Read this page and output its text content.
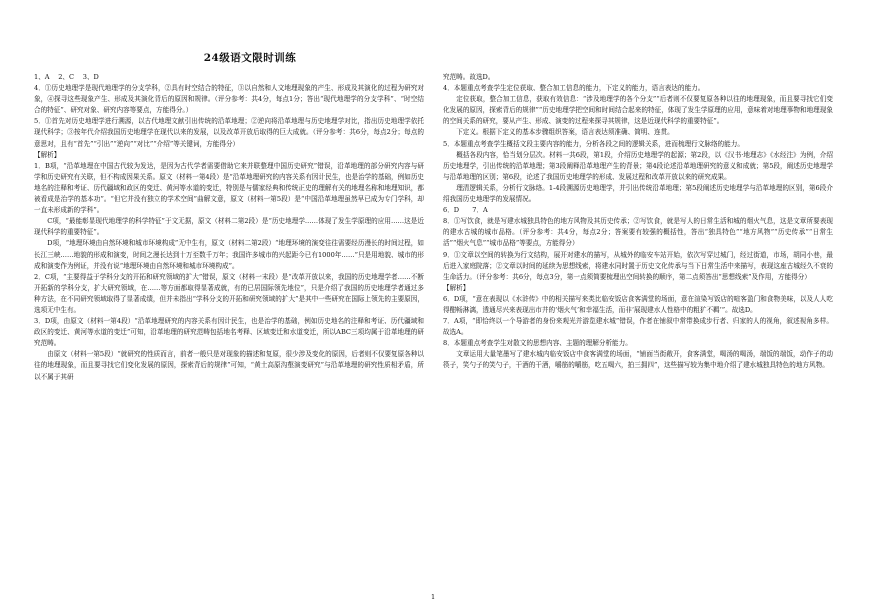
24级语文限时训练

1、A　 2、C　 3、D

4．①历史地理学是现代地理学的分支学科，②具有时空结合的特征，③以自然和人文地理现象的产生、形成及其演化的过程为研究对象，④探寻这些现象产生、形成及其演化背后的原因和规律。（评分参考：共4分，每点1分；答出“现代地理学的分支学科”、“时空结合的特征”、研究对象、研究内容等要点，方能得分。）

5．①首先对历史地理学进行溯源，以古代地理文献引出传统的沿革地理；②逆向将沿革地理与历史地理学对比，指出历史地理学依托现代科学；③按年代介绍我国历史地理学在现代以来的发展，以及改革开放后取得的巨大成就。（评分参考：共6分，每点2分；每点的意思对，且有“首先”“引出”“逆向”“对比”“介绍”等关键词，方能得分）

【解析】

1．B项，“沿革地理在中国古代较为发达，是因为古代学者需要借助它来并联整理中国历史研究”错误，沿革地理的部分研究内容与研学和历史研究有关联，但不构成因果关系。原文（材料一第4段）是“沿革地理研究的内容关系有因计民生，也是治学的基础，例如历史地名的注释和考证、历代疆域和政区的变迁、黄河等水道的变迁，特别是与儒家经典和传统正史的理解有关的地理名称和地理知识，都被看成是治学的基本功”。“但它并没有独立的学术空间”曲解文意，原文（材料一第5段）是“中国沿革地理虽然早已成为专门学科，却一直未形成新的学科”。

C项，“最能彰显现代地理学的科学特征”于文无据，原文（材料二第2段）是“历史地理学……体现了发生学原理的应用……这是近现代科学的重要特征”。

D项，“地理环境由自然环境和城市环境构成”无中生有，原文（材料二第2段）“地理环境的演变往往需要经历漫长的时间过程，如长江三峡……地貌的形成和演变，时间之漫长达到十万至数千万年；我国许多城市的兴起距今已有1000年……”只是用地貌、城市的形成和演变作为例证，并没有说“地理环境由自然环境和城市环境构成”。

2．C项，“主要得益于学科分支的开拓和研究领域的扩大”错误，原文（材料一末段）是“改革开放以来，我国的历史地理学者……不断开拓新的学科分支，扩大研究领域，在……等方面都取得显著成就，有的已居国际领先地位”，只是介绍了我国的历史地理学者通过多种方法，在不同研究领域取得了显著成绩，但并未指出“学科分支的开拓和研究领域的扩大”是其中一些研究在国际上领先的主要原因，选项无中生有。

3．D项，由原文（材料一第4段）“沿革地理研究的内容关系有因计民生，也是治学的基础，例如历史地名的注释和考证、历代疆域和政区的变迁、黄河等水道的变迁”可知，沿革地理的研究范畴包括地名考释、区域变迁和水道变迁，所以ABC三项均属于沿革地理的研究范畴。

由原文（材料一第5段）“就研究的性质而言，前者一般只是对现象的描述和复原，很少涉及变化的原因，后者则不仅要复原各种以往的地理现象，而且要寻找它们变化发展的原因，探索背后的规律”可知，“黄土高原沟壑演变研究”与沿革地理的研究性质相矛盾，所以不属于其研

究范畴。故选D。

4．本题重点考查学生定位获取、整合加工信息的能力，下定义的能力，语言表达的能力。

定位获取，整合加工信息，获取有效信息：“涉及地理学的各个分支”“后者则不仅要复原各种以往的地理现象，而且要寻找它们变化发展的原因，探索背后的规律”“历史地理学把空间和时间结合起来的特征，体现了发生学原理的应用，意味着对地理事物和地理现象的空间关系的研究，要从产生、形成、演变的过程来探寻其规律，这是近现代科学的重要特征”。

下定义。根据下定义的基本步骤组织答案，语言表达须准确、简明、连贯。

5．本题重点考查学生概括文段主要内容的能力，分析各段之间的逻辑关系，进而梳理行文脉络的能力。

概括各段内容，恰当划分层次。材料一共6段，第1段，介绍历史地理学的起源；第2段，以《汉书·地理志》《水经注》为例，介绍历史地理学，引出传统的沿革地理；第3段阐释沿革地理产生的背景；第4段论述沿革地理研究的意义和成就；第5段，阐述历史地理学与沿革地理的区别；第6段，论述了我国历史地理学的形成、发展过程和改革开放以来的研究成果。

理清逻辑关系，分析行文脉络。1-4段溯源历史地理学，并引出传统沿革地理；第5段阐述历史地理学与沿革地理的区别，第6段介绍我国历史地理学的发展情况。

6．D　　7．A

8．①写饮食，就是写建水城独具特色的地方风物及其历史传承；②写饮食，就是写人的日常生活和城的烟火气息，这是文章所要表现的建水古城的城市品格。（评分参考：共4分，每点2分；答案要有较强的概括性，答出“独具特色”“地方风物”“历史传承”“日常生活”“烟火气息”“城市品格”等要点，方能得分）

9．①文章以空间的转换为行文结构，展开对建水的描写，从城外的临安车站开始，依次写穿过城门，经过街道，市场，胡同小巷，最后进入家庭院落；②文章以时间的延续为思想线索，将建水同时置于历史文化传承与当下日常生活中来描写，表现这座古城经久不衰的生命活力。（评分参考：共6分，每点3分，第一点须简要梳理出空间转换的顺序，第二点须答出“思想线索”及作用，方能得分）

【解析】

6．D项，“意在表现以《水浒传》中的相关描写来类比临安饭店食客满堂的场面，意在渲染写饭店的喧客盈门和食物美味，以及人人吃得酣畅淋漓，透通尽兴来表现出市井的‘烟火气’和幸福生活，而非‘展现建水人性格中的粗犷不羁’”。故选D。

7．A项，“即恰终以一个导游者的身份来观光并游览建水城”错误，作者在铺叙中常带换成步行者、归家的人的视角，叙述视角多样。故选A。

8．本题重点考查学生对散文的思想内容、主题的理解分析能力。

文章运用大量笔墨写了建水城内临安饭店中食客满堂的场面，“铺面当街敞开，食客满堂，喝汤的喝汤，端饭的端饭，动作子的动筷子，笑勺子的笑勺子，干酒的干酒，嚼筋的嚼筋，吃五喝六，拍三拥四”，这些描写较为集中地介绍了建水城独具特色的地方风物。

1
